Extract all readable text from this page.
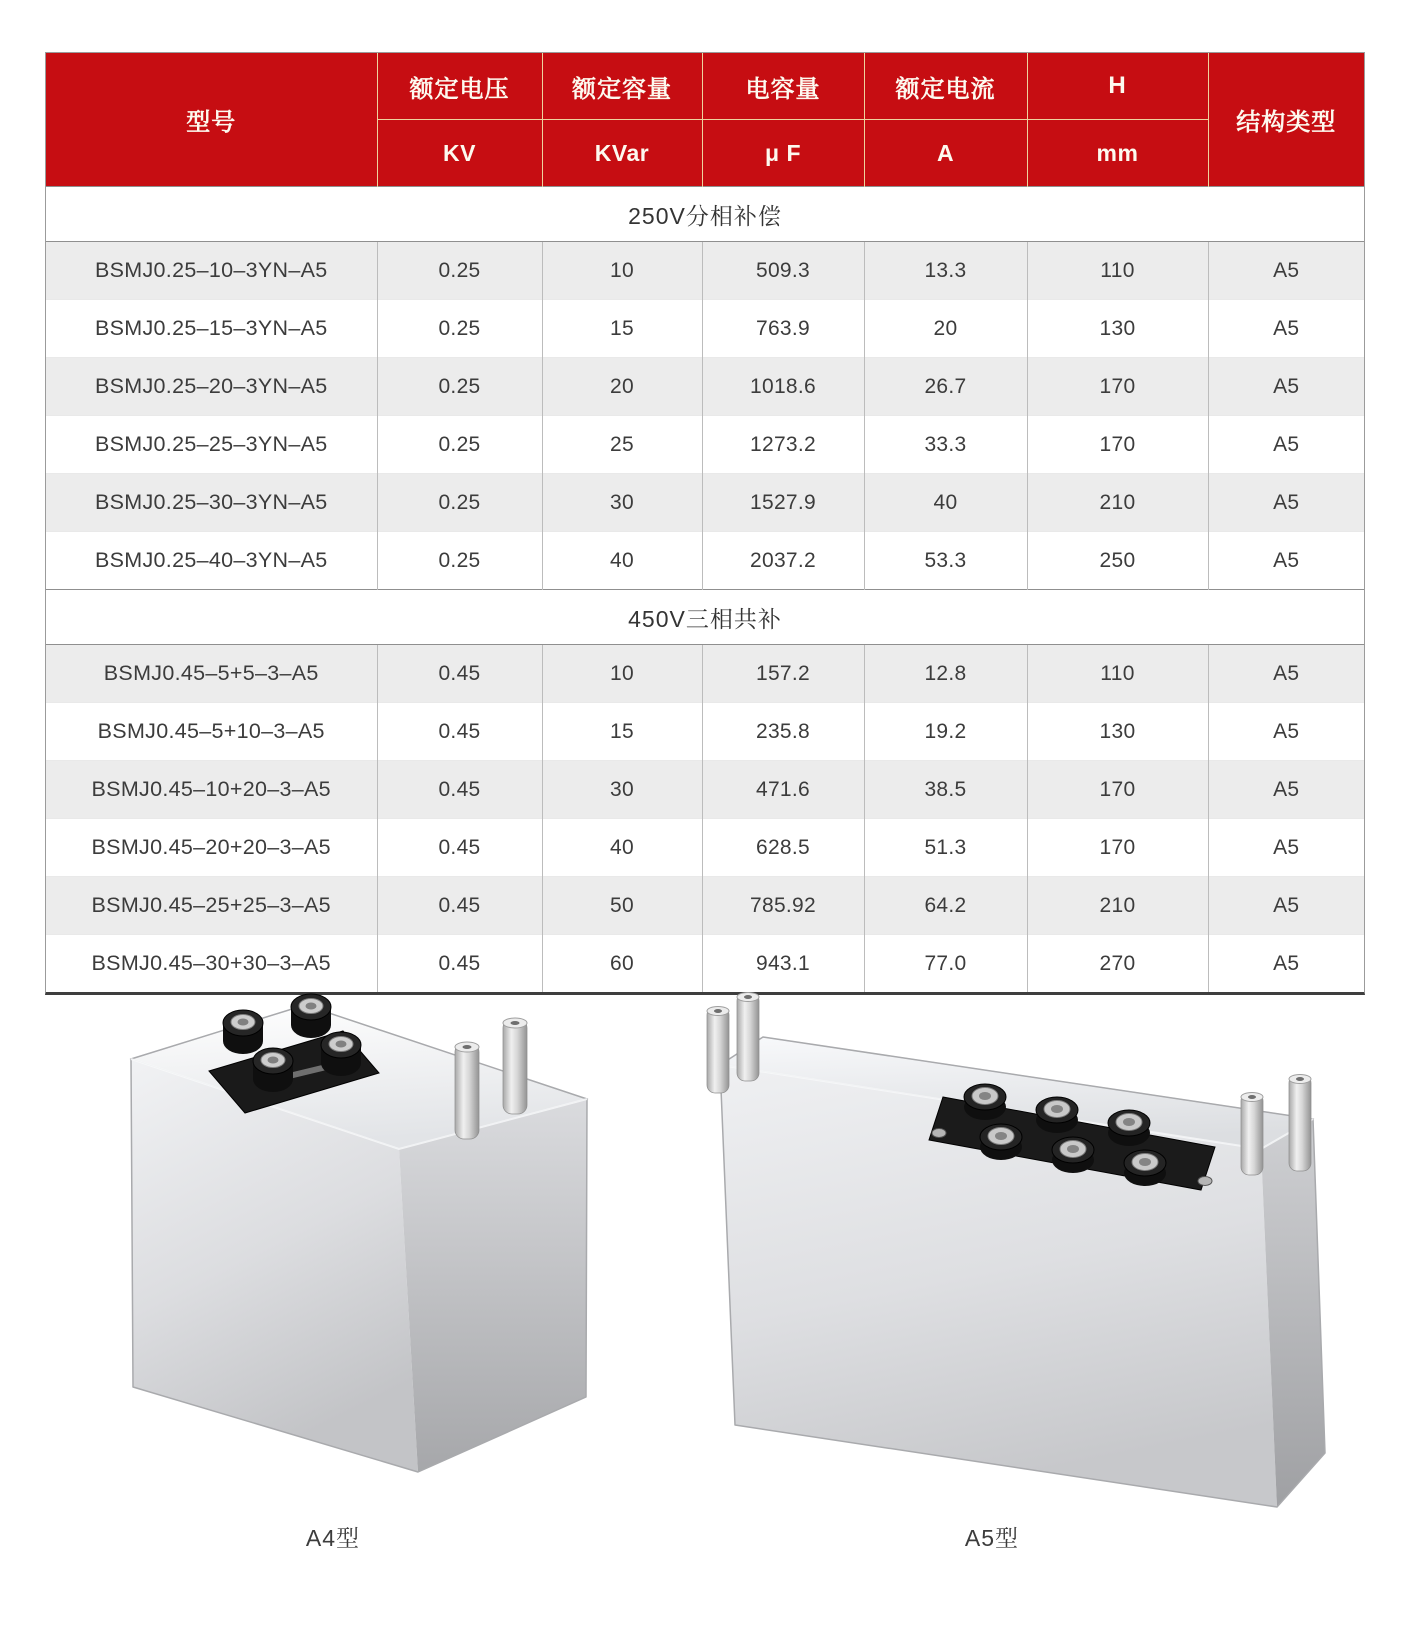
型号	额定电压	额定容量	电容量	额定电流	H	结构类型
	KV	KVar	μ F	A	mm	
250V分相补偿						
BSMJ0.25–10–3YN–A5	0.25	10	509.3	13.3	110	A5
BSMJ0.25–15–3YN–A5	0.25	15	763.9	20	130	A5
BSMJ0.25–20–3YN–A5	0.25	20	1018.6	26.7	170	A5
BSMJ0.25–25–3YN–A5	0.25	25	1273.2	33.3	170	A5
BSMJ0.25–30–3YN–A5	0.25	30	1527.9	40	210	A5
BSMJ0.25–40–3YN–A5	0.25	40	2037.2	53.3	250	A5
450V三相共补						
BSMJ0.45–5+5–3–A5	0.45	10	157.2	12.8	110	A5
BSMJ0.45–5+10–3–A5	0.45	15	235.8	19.2	130	A5
BSMJ0.45–10+20–3–A5	0.45	30	471.6	38.5	170	A5
BSMJ0.45–20+20–3–A5	0.45	40	628.5	51.3	170	A5
BSMJ0.45–25+25–3–A5	0.45	50	785.92	64.2	210	A5
BSMJ0.45–30+30–3–A5	0.45	60	943.1	77.0	270	A5
A4型	A5型
